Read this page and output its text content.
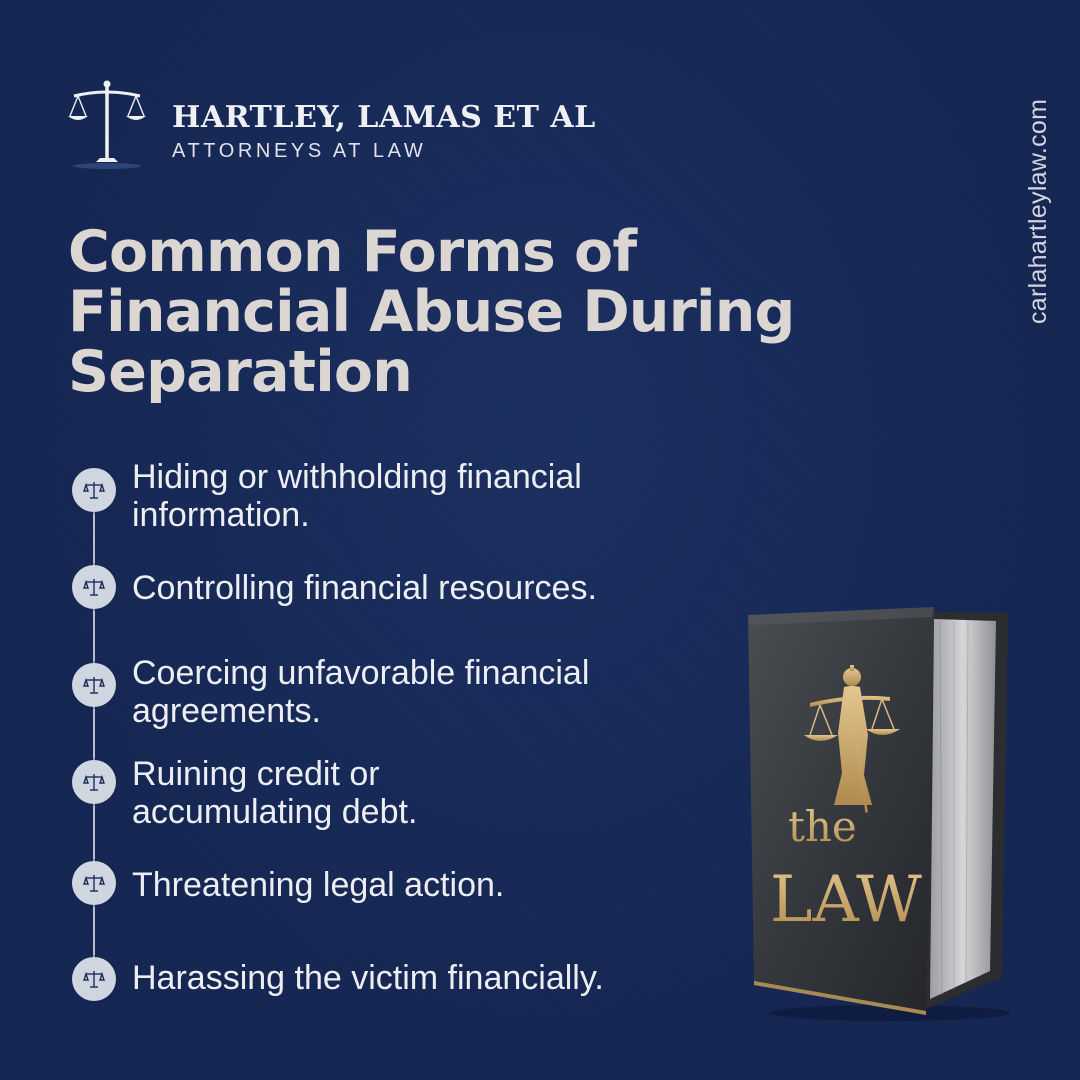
HARTLEY, LAMAS ET AL
ATTORNEYS AT LAW	carlahartleylaw.com
Common Forms of Financial Abuse During Separation

Hiding or withholding financial information.

Controlling financial resources.

Coercing unfavorable financial agreements.

Ruining credit or accumulating debt.

Threatening legal action.

Harassing the victim financially.

the
LAW
